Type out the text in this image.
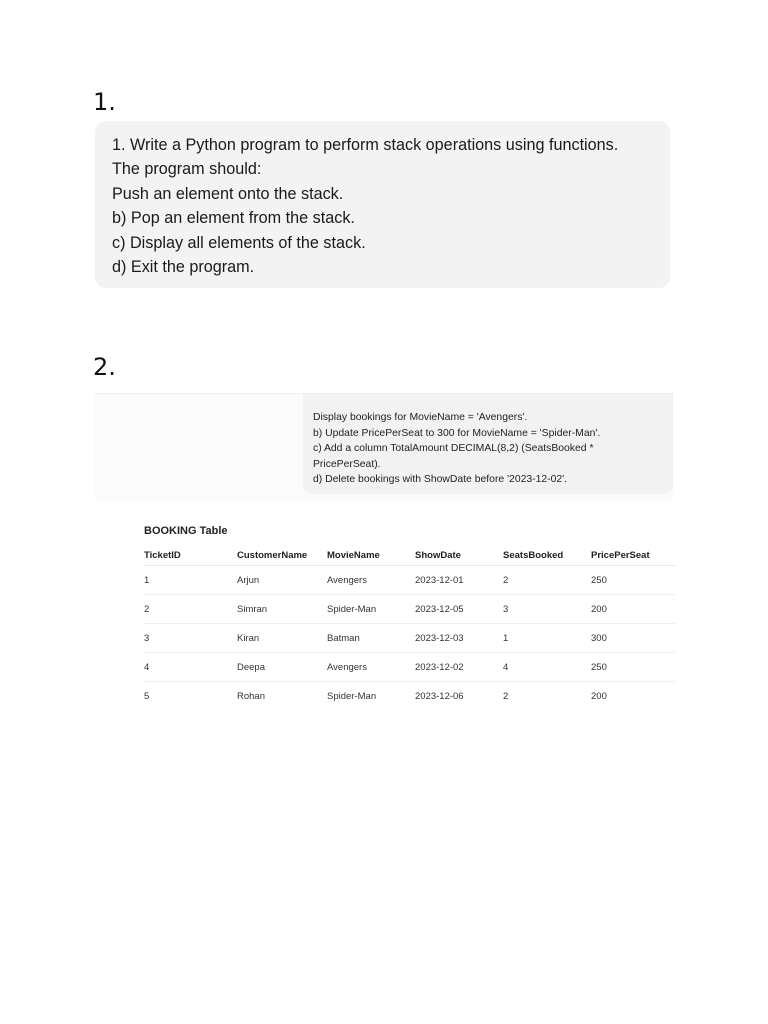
1.
1. Write a Python program to perform stack operations using functions.
The program should:
Push an element onto the stack.
b) Pop an element from the stack.
c) Display all elements of the stack.
d) Exit the program.
2.
Display bookings for MovieName = 'Avengers'.
b) Update PricePerSeat to 300 for MovieName = 'Spider-Man'.
c) Add a column TotalAmount DECIMAL(8,2) (SeatsBooked *
PricePerSeat).
d) Delete bookings with ShowDate before '2023-12-02'.
BOOKING Table
TicketID	CustomerName	MovieName	ShowDate	SeatsBooked	PricePerSeat
1	Arjun	Avengers	2023-12-01	2	250
2	Simran	Spider-Man	2023-12-05	3	200
3	Kiran	Batman	2023-12-03	1	300
4	Deepa	Avengers	2023-12-02	4	250
5	Rohan	Spider-Man	2023-12-06	2	200
